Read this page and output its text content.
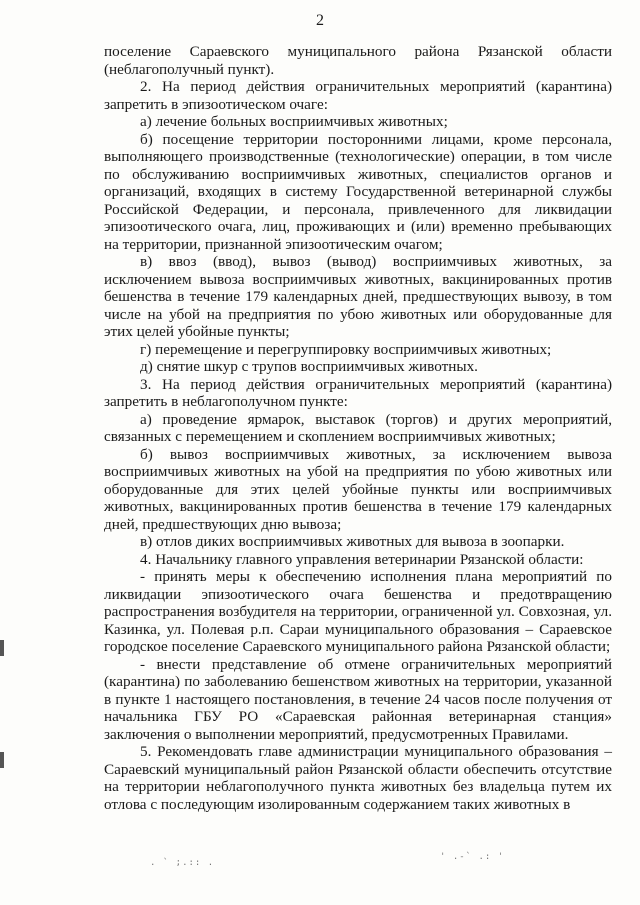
2

поселение Сараевского муниципального района Рязанской области (неблагополучный пункт).

2. На период действия ограничительных мероприятий (карантина) запретить в эпизоотическом очаге:

а) лечение больных восприимчивых животных;

б) посещение территории посторонними лицами, кроме персонала, выполняющего производственные (технологические) операции, в том числе по обслуживанию восприимчивых животных, специалистов органов и организаций, входящих в систему Государственной ветеринарной службы Российской Федерации, и персонала, привлеченного для ликвидации эпизоотического очага, лиц, проживающих и (или) временно пребывающих на территории, признанной эпизоотическим очагом;

в) ввоз (ввод), вывоз (вывод) восприимчивых животных, за исключением вывоза восприимчивых животных, вакцинированных против бешенства в течение 179 календарных дней, предшествующих вывозу, в том числе на убой на предприятия по убою животных или оборудованные для этих целей убойные пункты;

г) перемещение и перегруппировку восприимчивых животных;

д) снятие шкур с трупов восприимчивых животных.

3. На период действия ограничительных мероприятий (карантина) запретить в неблагополучном пункте:

а) проведение ярмарок, выставок (торгов) и других мероприятий, связанных с перемещением и скоплением восприимчивых животных;

б) вывоз восприимчивых животных, за исключением вывоза восприимчивых животных на убой на предприятия по убою животных или оборудованные для этих целей убойные пункты или восприимчивых животных, вакцинированных против бешенства в течение 179 календарных дней, предшествующих дню вывоза;

в) отлов диких восприимчивых животных для вывоза в зоопарки.

4. Начальнику главного управления ветеринарии Рязанской области:

- принять меры к обеспечению исполнения плана мероприятий по ликвидации эпизоотического очага бешенства и предотвращению распространения возбудителя на территории, ограниченной ул. Совхозная, ул. Казинка, ул. Полевая р.п. Сараи муниципального образования – Сараевское городское поселение Сараевского муниципального района Рязанской области;

- внести представление об отмене ограничительных мероприятий (карантина) по заболеванию бешенством животных на территории, указанной в пункте 1 настоящего постановления, в течение 24 часов после получения от начальника ГБУ РО «Сараевская районная ветеринарная станция» заключения о выполнении мероприятий, предусмотренных Правилами.

5. Рекомендовать главе администрации муниципального образования – Сараевский муниципальный район Рязанской области обеспечить отсутствие на территории неблагополучного пункта животных без владельца путем их отлова с последующим изолированным содержанием таких животных в

. ` ;.:: .
' .-` .: '
